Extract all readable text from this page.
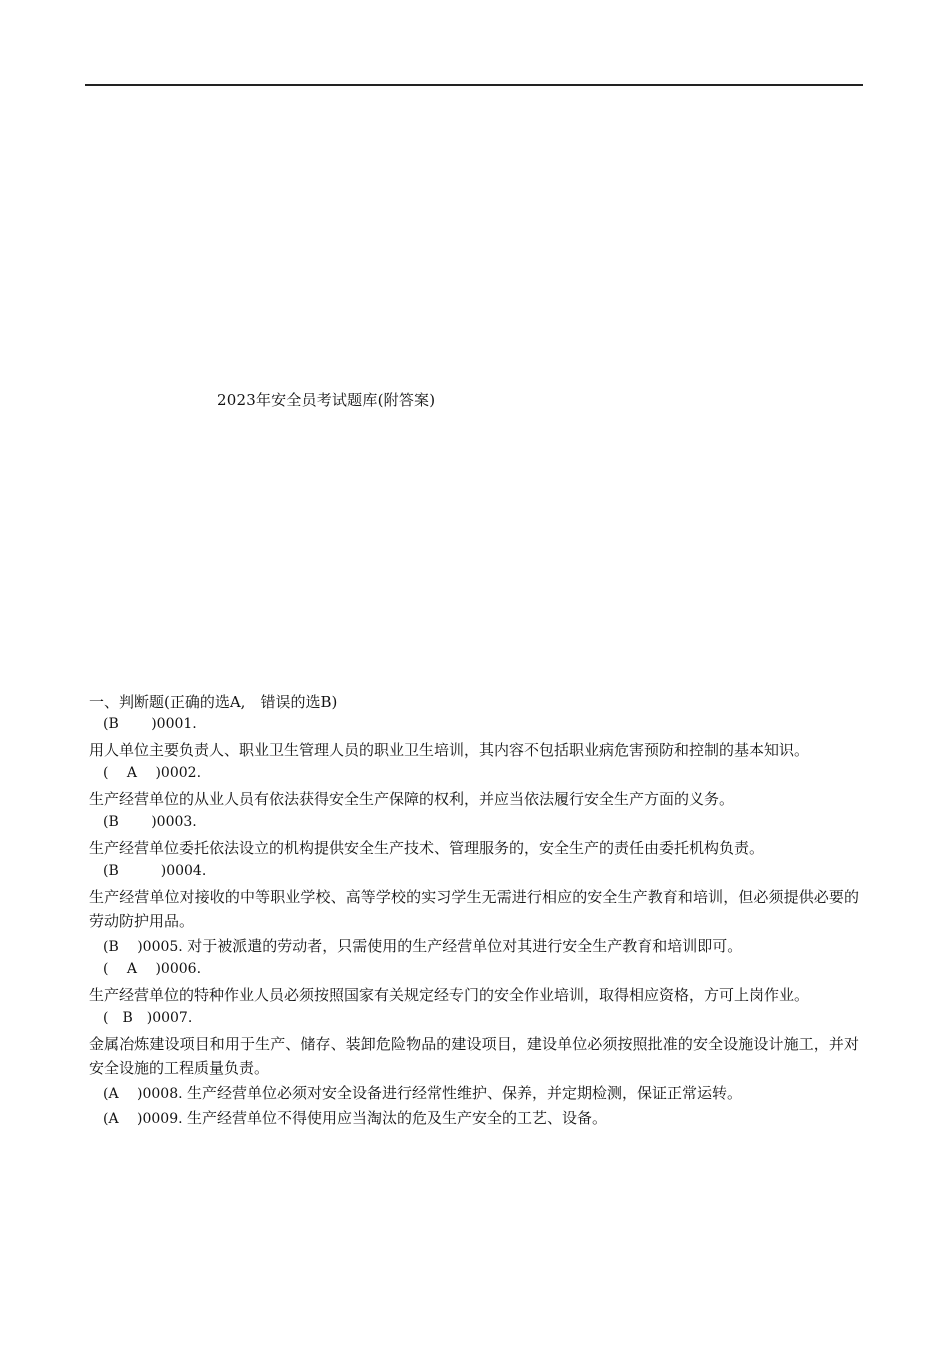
2023年安全员考试题库(附答案)

一、判断题(正确的选A,　错误的选B)

(B　　 )0001.

用人单位主要负责人、职业卫生管理人员的职业卫生培训，其内容不包括职业病危害预防和控制的基本知识。

(　 A　 )0002.

生产经营单位的从业人员有依法获得安全生产保障的权利，并应当依法履行安全生产方面的义务。

(B　　 )0003.

生产经营单位委托依法设立的机构提供安全生产技术、管理服务的，安全生产的责任由委托机构负责。

(B　　　)0004.

生产经营单位对接收的中等职业学校、高等学校的实习学生无需进行相应的安全生产教育和培训，但必须提供必要的劳动防护用品。

(B　 )0005. 对于被派遣的劳动者，只需使用的生产经营单位对其进行安全生产教育和培训即可。
(　 A　 )0006.

生产经营单位的特种作业人员必须按照国家有关规定经专门的安全作业培训，取得相应资格，方可上岗作业。

(　B　)0007.

金属冶炼建设项目和用于生产、储存、装卸危险物品的建设项目，建设单位必须按照批准的安全设施设计施工，并对安全设施的工程质量负责。

(A　 )0008. 生产经营单位必须对安全设备进行经常性维护、保养，并定期检测，保证正常运转。
(A　 )0009. 生产经营单位不得使用应当淘汰的危及生产安全的工艺、设备。
